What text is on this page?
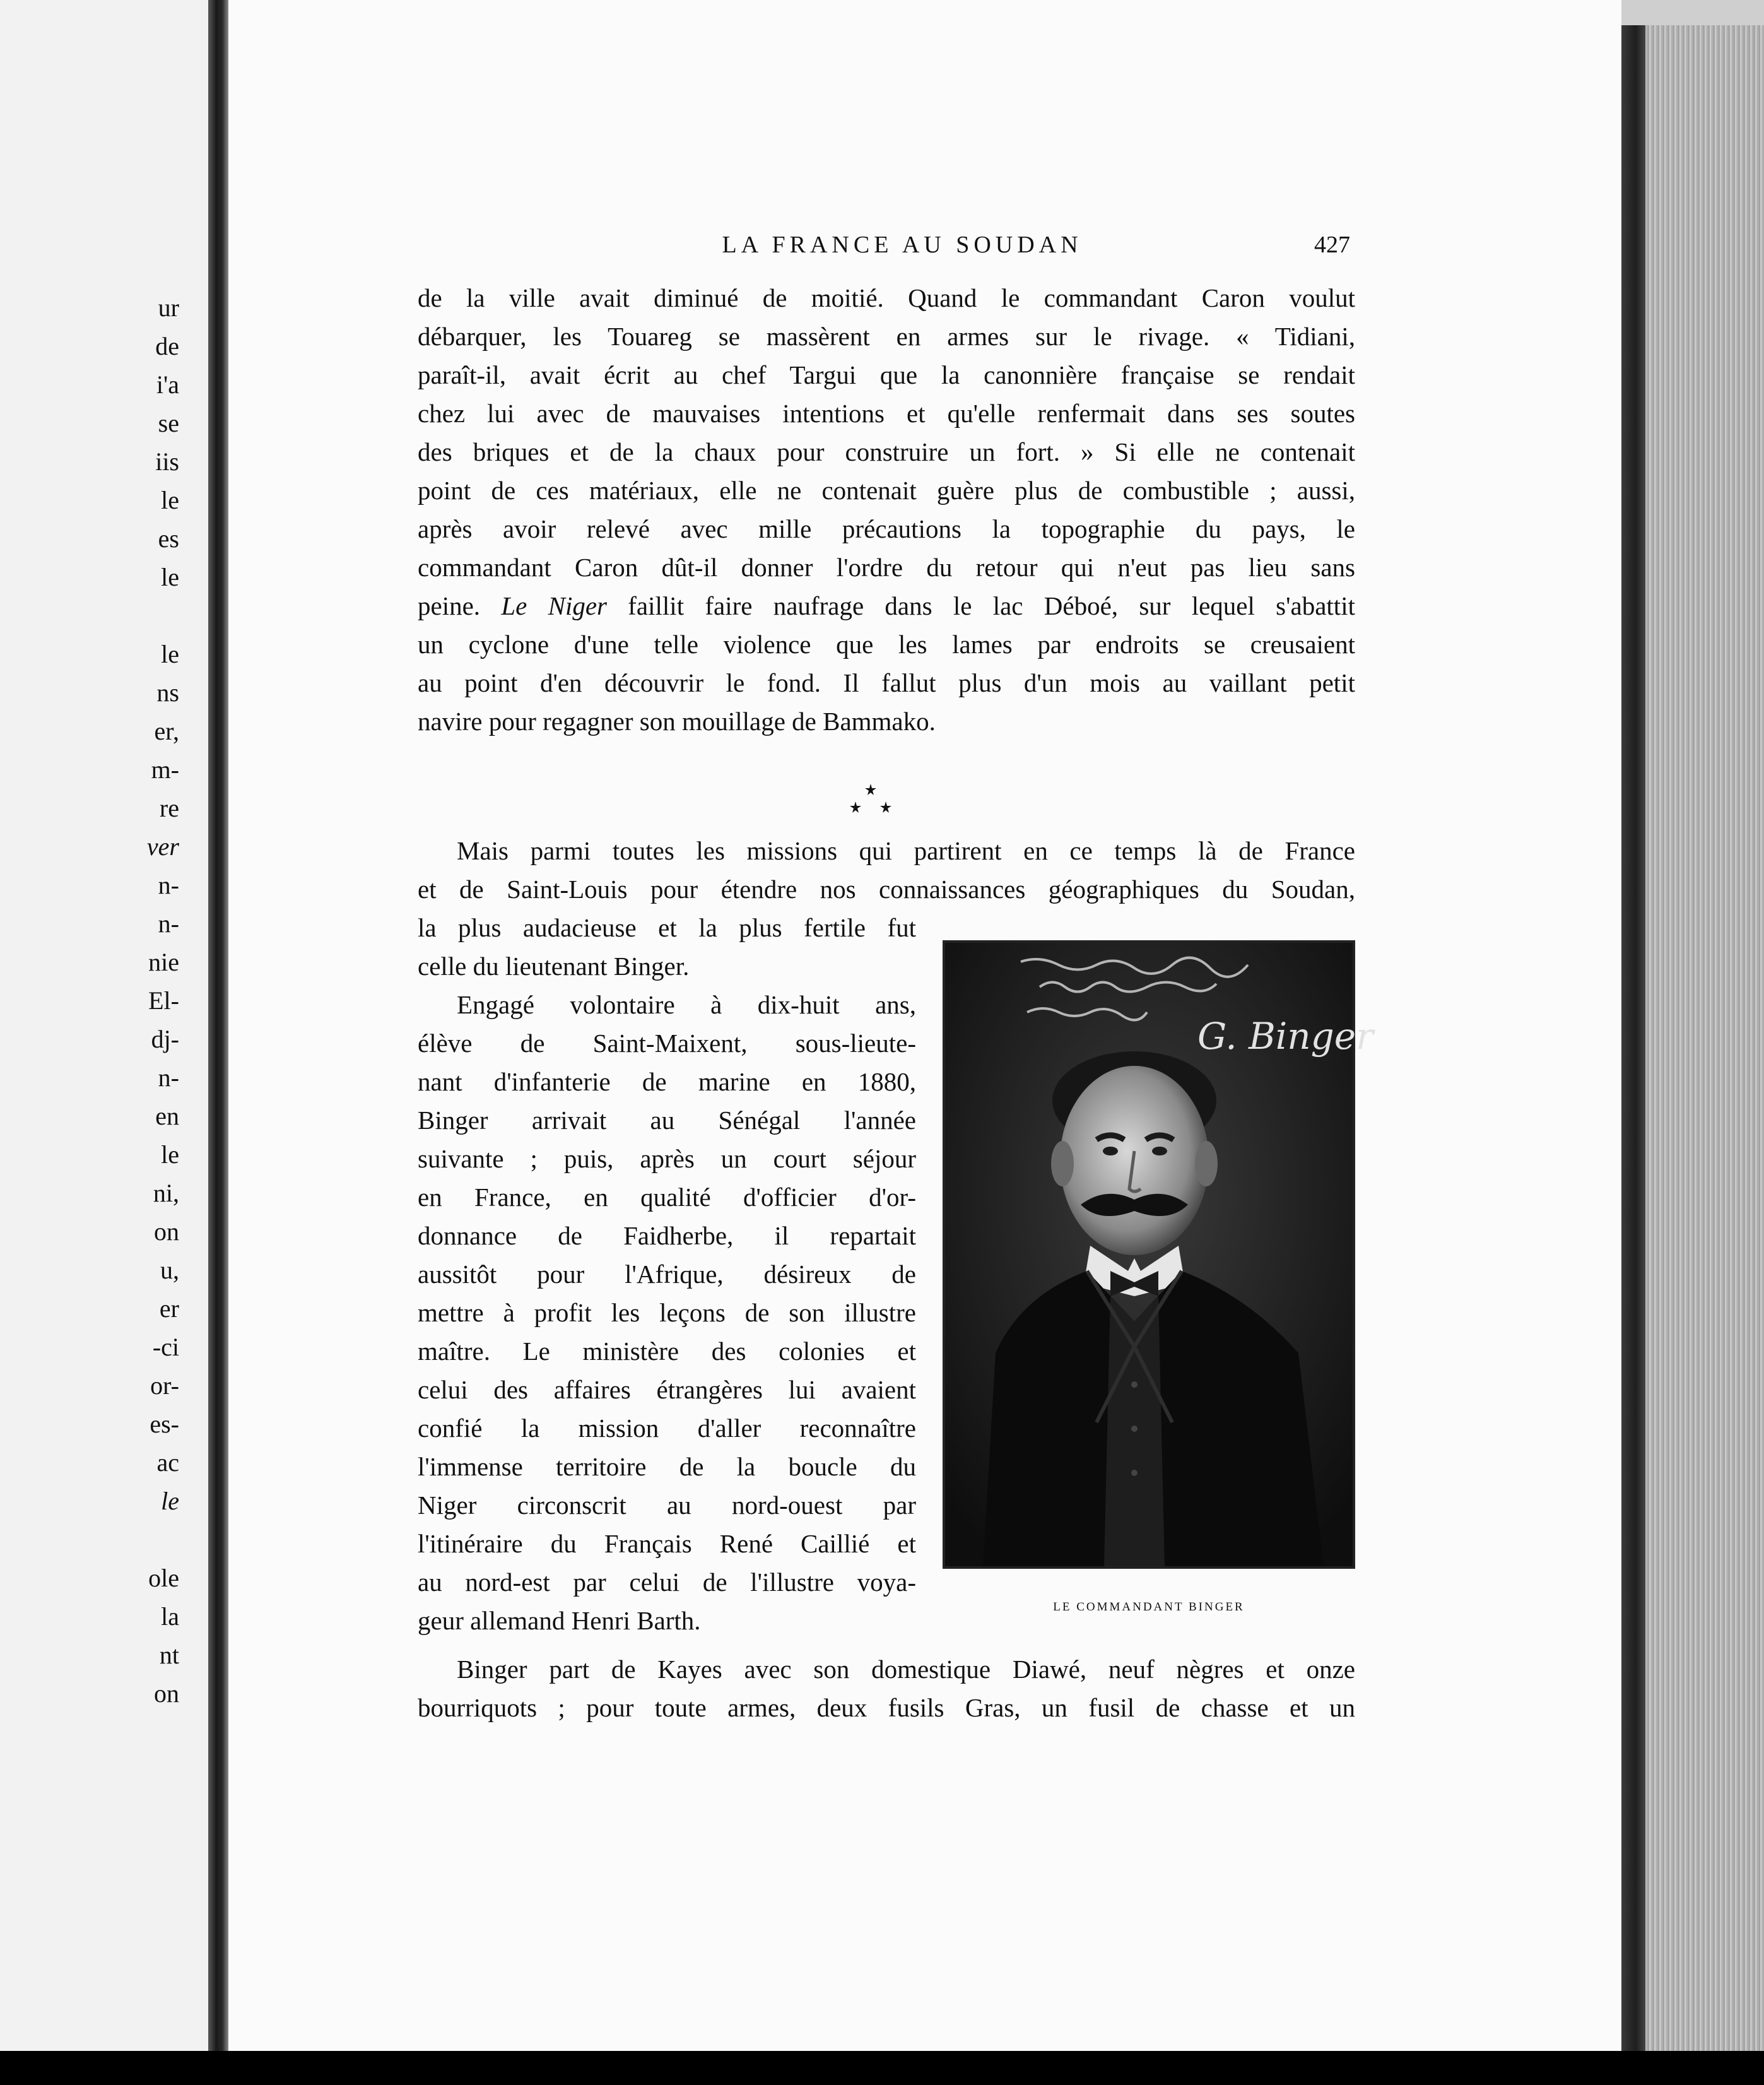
ur
de
i'a
se
iis
le
es
le
le
ns
er,
m-
re
ver
n-
n-
nie
El-
dj-
n-
en
le
ni,
on
u,
er
-ci
or-
es-
ac
le
ole
la
nt
on
LA FRANCE AU SOUDAN	427
de la ville avait diminué de moitié. Quand le commandant Caron voulut
débarquer, les Touareg se massèrent en armes sur le rivage. « Tidiani,
paraît-il, avait écrit au chef Targui que la canonnière française se rendait
chez lui avec de mauvaises intentions et qu'elle renfermait dans ses soutes
des briques et de la chaux pour construire un fort. » Si elle ne contenait
point de ces matériaux, elle ne contenait guère plus de combustible ; aussi,
après avoir relevé avec mille précautions la topographie du pays, le
commandant Caron dût-il donner l'ordre du retour qui n'eut pas lieu sans
peine. Le Niger faillit faire naufrage dans le lac Déboé, sur lequel s'abattit
un cyclone d'une telle violence que les lames par endroits se creusaient
au point d'en découvrir le fond. Il fallut plus d'un mois au vaillant petit
navire pour regagner son mouillage de Bammako.
Mais parmi toutes les missions qui partirent en ce temps là de France
et de Saint-Louis pour étendre nos connaissances géographiques du Soudan,
la plus audacieuse et la plus fertile fut
celle du lieutenant Binger.
Engagé volontaire à dix-huit ans,
élève de Saint-Maixent, sous-lieute-
nant d'infanterie de marine en 1880,
Binger arrivait au Sénégal l'année
suivante ; puis, après un court séjour
en France, en qualité d'officier d'or-
donnance de Faidherbe, il repartait
aussitôt pour l'Afrique, désireux de
mettre à profit les leçons de son illustre
maître. Le ministère des colonies et
celui des affaires étrangères lui avaient
confié la mission d'aller reconnaître
l'immense territoire de la boucle du
Niger circonscrit au nord-ouest par
l'itinéraire du Français René Caillié et
au nord-est par celui de l'illustre voya-
geur allemand Henri Barth.
Binger part de Kayes avec son domestique Diawé, neuf nègres et onze
bourriquots ; pour toute armes, deux fusils Gras, un fusil de chasse et un
G. Binger
LE COMMANDANT BINGER
